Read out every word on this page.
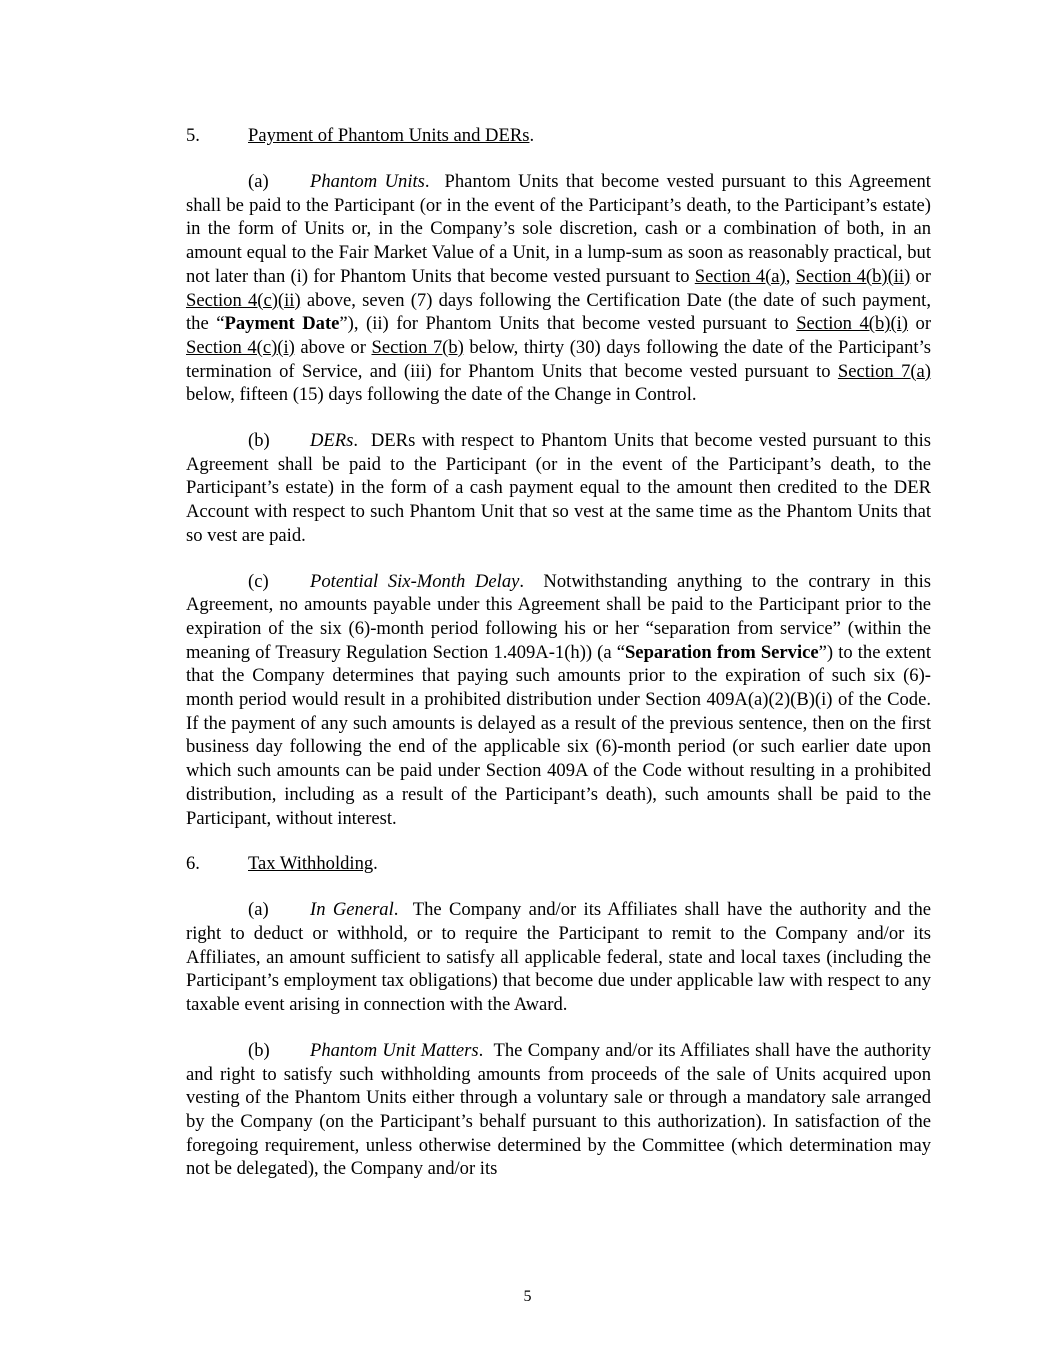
5.	Payment of Phantom Units and DERs.

(a) Phantom Units.  Phantom Units that become vested pursuant to this Agreement shall be paid to the Participant (or in the event of the Participant’s death, to the Participant’s estate) in the form of Units or, in the Company’s sole discretion, cash or a combination of both, in an amount equal to the Fair Market Value of a Unit, in a lump-sum as soon as reasonably practical, but not later than (i) for Phantom Units that become vested pursuant to Section 4(a), Section 4(b)(ii) or Section 4(c)(ii) above, seven (7) days following the Certification Date (the date of such payment, the “Payment Date”), (ii) for Phantom Units that become vested pursuant to Section 4(b)(i) or Section 4(c)(i) above or Section 7(b) below, thirty (30) days following the date of the Participant’s termination of Service, and (iii) for Phantom Units that become vested pursuant to Section 7(a) below, fifteen (15) days following the date of the Change in Control.

(b) DERs.  DERs with respect to Phantom Units that become vested pursuant to this Agreement shall be paid to the Participant (or in the event of the Participant’s death, to the Participant’s estate) in the form of a cash payment equal to the amount then credited to the DER Account with respect to such Phantom Unit that so vest at the same time as the Phantom Units that so vest are paid.

(c) Potential Six-Month Delay.  Notwithstanding anything to the contrary in this Agreement, no amounts payable under this Agreement shall be paid to the Participant prior to the expiration of the six (6)-month period following his or her “separation from service” (within the meaning of Treasury Regulation Section 1.409A-1(h)) (a “Separation from Service”) to the extent that the Company determines that paying such amounts prior to the expiration of such six (6)-month period would result in a prohibited distribution under Section 409A(a)(2)(B)(i) of the Code. If the payment of any such amounts is delayed as a result of the previous sentence, then on the first business day following the end of the applicable six (6)-month period (or such earlier date upon which such amounts can be paid under Section 409A of the Code without resulting in a prohibited distribution, including as a result of the Participant’s death), such amounts shall be paid to the Participant, without interest.

6.	Tax Withholding.

(a) In General.  The Company and/or its Affiliates shall have the authority and the right to deduct or withhold, or to require the Participant to remit to the Company and/or its Affiliates, an amount sufficient to satisfy all applicable federal, state and local taxes (including the Participant’s employment tax obligations) that become due under applicable law with respect to any taxable event arising in connection with the Award.

(b) Phantom Unit Matters.  The Company and/or its Affiliates shall have the authority and right to satisfy such withholding amounts from proceeds of the sale of Units acquired upon vesting of the Phantom Units either through a voluntary sale or through a mandatory sale arranged by the Company (on the Participant’s behalf pursuant to this authorization). In satisfaction of the foregoing requirement, unless otherwise determined by the Committee (which determination may not be delegated), the Company and/or its

5
